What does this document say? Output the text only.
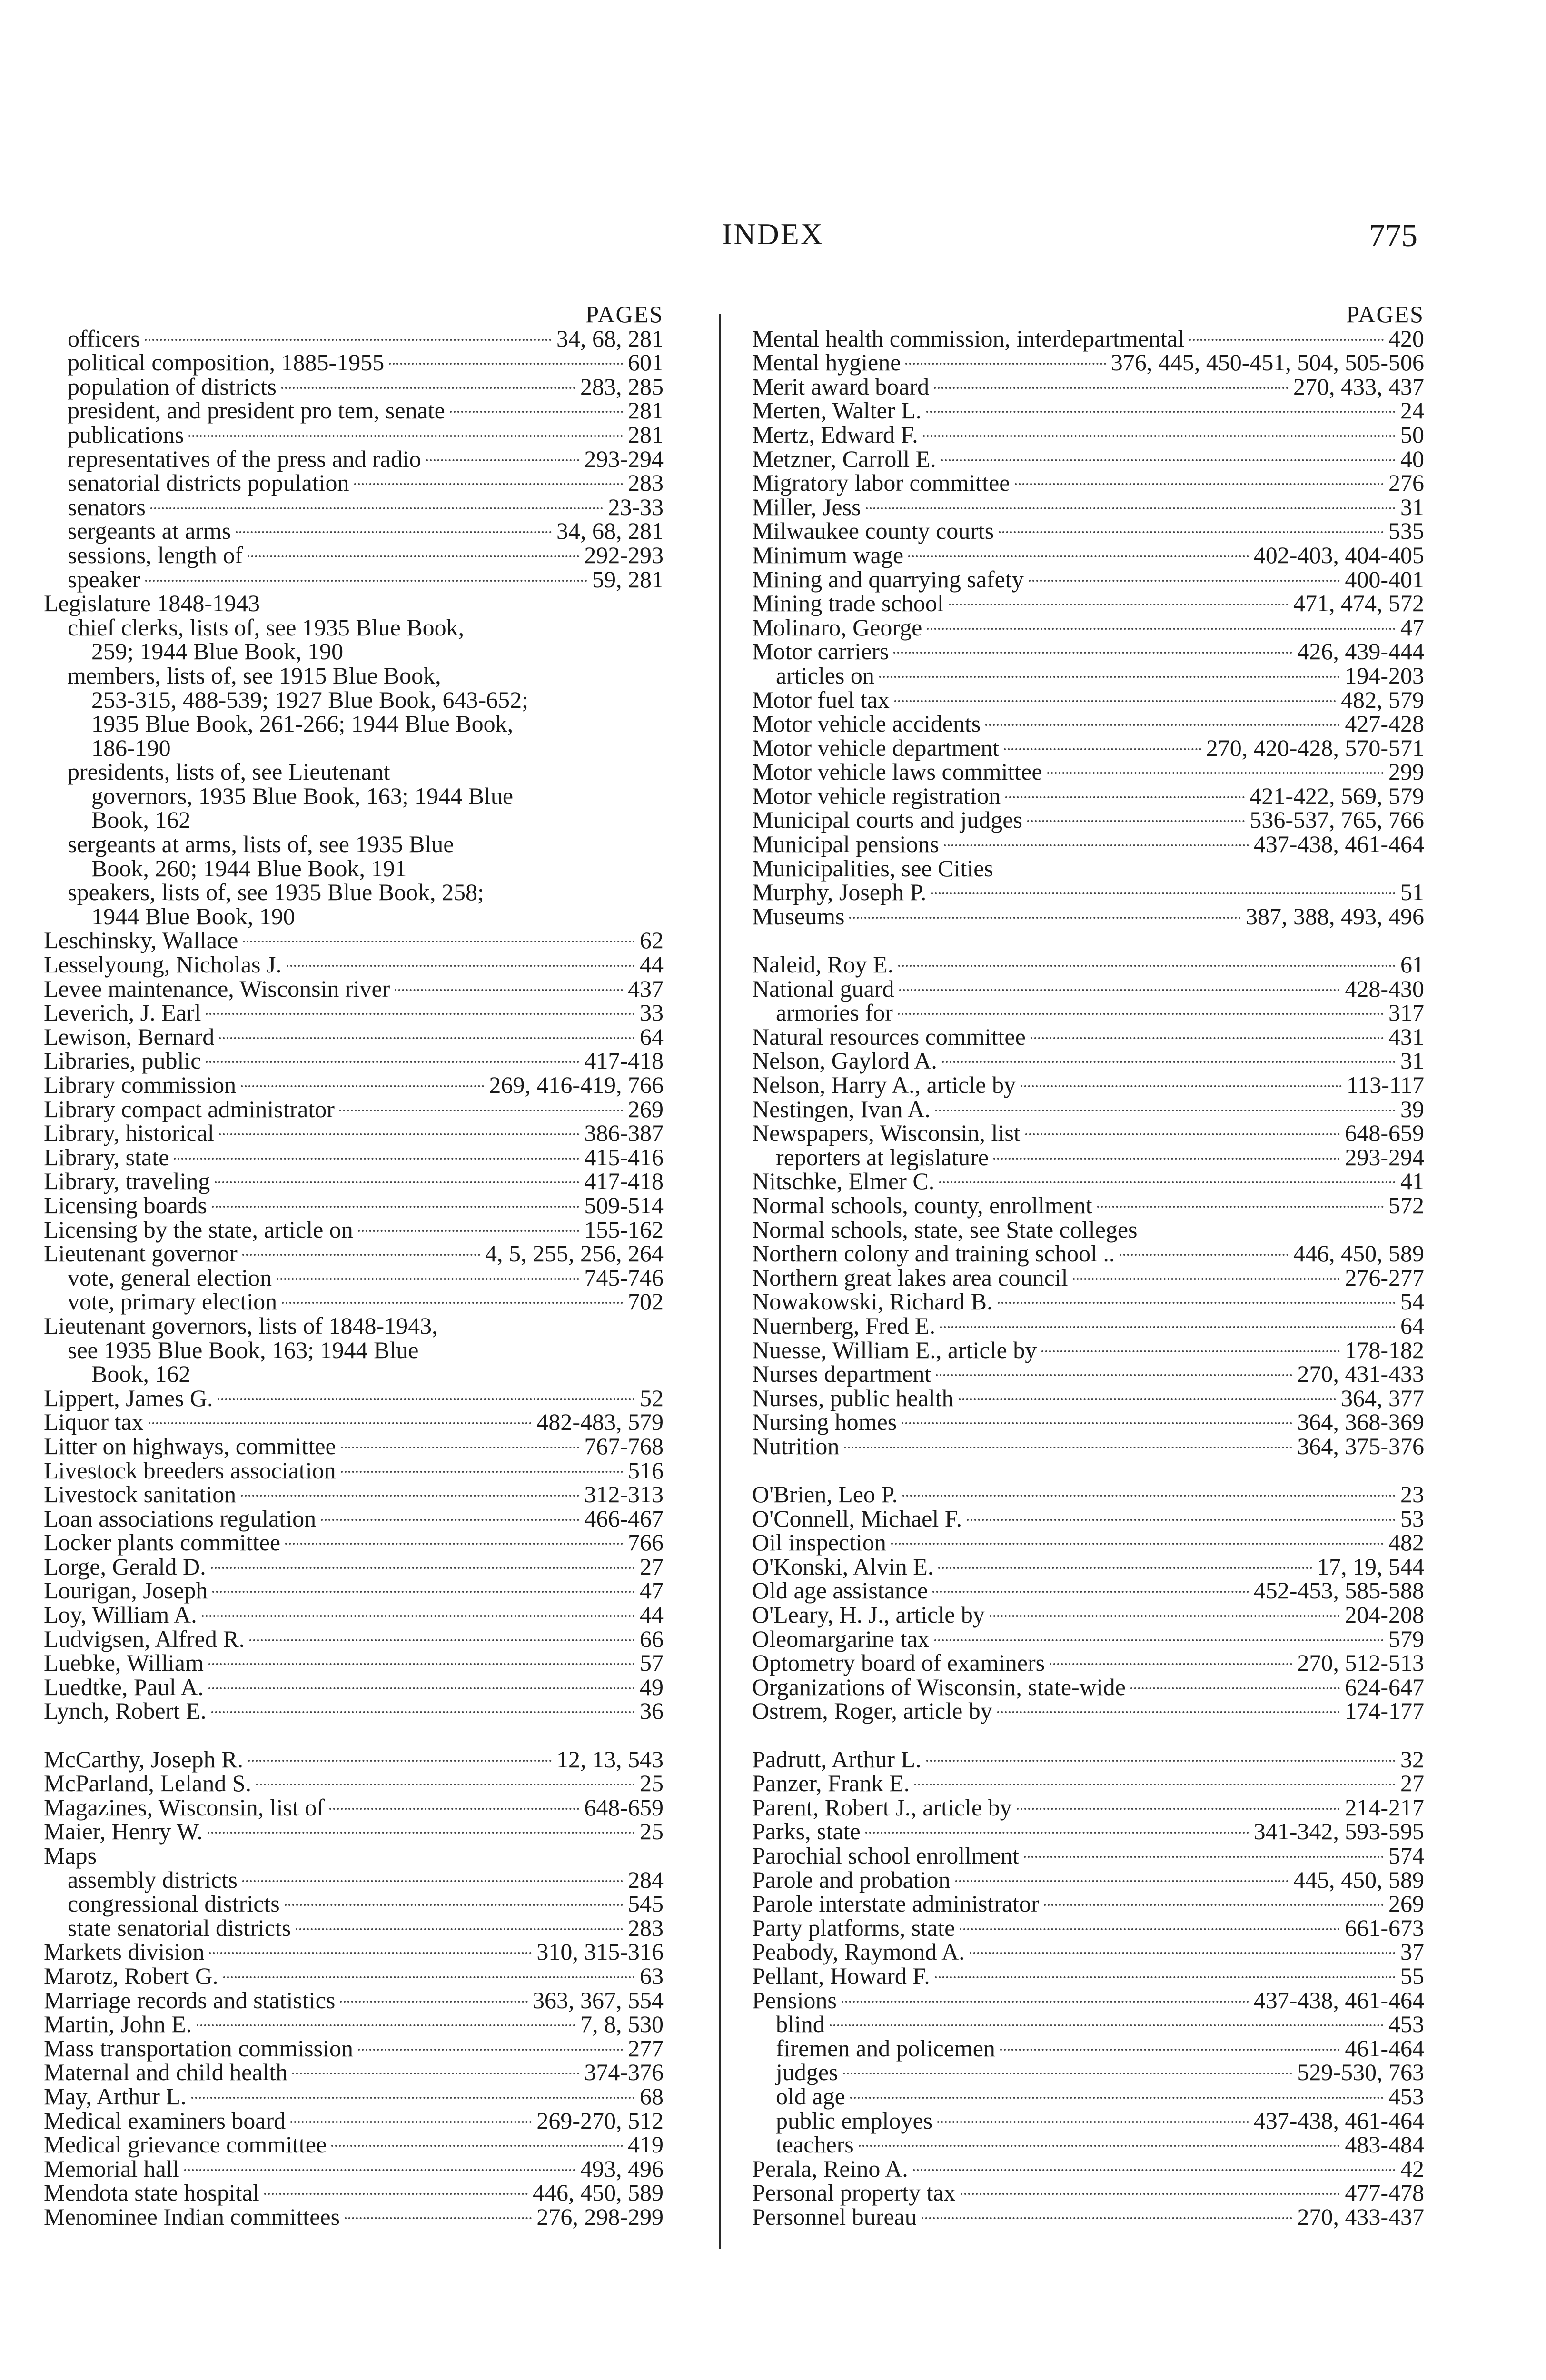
INDEX	775
PAGES
officers	34, 68, 281
political composition, 1885-1955	601
population of districts	283, 285
president, and president pro tem, senate	281
publications	281
representatives of the press and radio	293-294
senatorial districts population	283
senators	23-33
sergeants at arms	34, 68, 281
sessions, length of	292-293
speaker	59, 281
Legislature 1848-1943
chief clerks, lists of, see 1935 Blue Book,
259; 1944 Blue Book, 190
members, lists of, see 1915 Blue Book,
253-315, 488-539; 1927 Blue Book, 643-652;
1935 Blue Book, 261-266; 1944 Blue Book,
186-190
presidents, lists of, see Lieutenant
governors, 1935 Blue Book, 163; 1944 Blue
Book, 162
sergeants at arms, lists of, see 1935 Blue
Book, 260; 1944 Blue Book, 191
speakers, lists of, see 1935 Blue Book, 258;
1944 Blue Book, 190
Leschinsky, Wallace	62
Lesselyoung, Nicholas J.	44
Levee maintenance, Wisconsin river	437
Leverich, J. Earl	33
Lewison, Bernard	64
Libraries, public	417-418
Library commission	269, 416-419, 766
Library compact administrator	269
Library, historical	386-387
Library, state	415-416
Library, traveling	417-418
Licensing boards	509-514
Licensing by the state, article on	155-162
Lieutenant governor	4, 5, 255, 256, 264
vote, general election	745-746
vote, primary election	702
Lieutenant governors, lists of 1848-1943,
see 1935 Blue Book, 163; 1944 Blue
Book, 162
Lippert, James G.	52
Liquor tax	482-483, 579
Litter on highways, committee	767-768
Livestock breeders association	516
Livestock sanitation	312-313
Loan associations regulation	466-467
Locker plants committee	766
Lorge, Gerald D.	27
Lourigan, Joseph	47
Loy, William A.	44
Ludvigsen, Alfred R.	66
Luebke, William	57
Luedtke, Paul A.	49
Lynch, Robert E.	36
McCarthy, Joseph R.	12, 13, 543
McParland, Leland S.	25
Magazines, Wisconsin, list of	648-659
Maier, Henry W.	25
Maps
assembly districts	284
congressional districts	545
state senatorial districts	283
Markets division	310, 315-316
Marotz, Robert G.	63
Marriage records and statistics	363, 367, 554
Martin, John E.	7, 8, 530
Mass transportation commission	277
Maternal and child health	374-376
May, Arthur L.	68
Medical examiners board	269-270, 512
Medical grievance committee	419
Memorial hall	493, 496
Mendota state hospital	446, 450, 589
Menominee Indian committees	276, 298-299
PAGES
Mental health commission, interdepartmental	420
Mental hygiene	376, 445, 450-451, 504, 505-506
Merit award board	270, 433, 437
Merten, Walter L.	24
Mertz, Edward F.	50
Metzner, Carroll E.	40
Migratory labor committee	276
Miller, Jess	31
Milwaukee county courts	535
Minimum wage	402-403, 404-405
Mining and quarrying safety	400-401
Mining trade school	471, 474, 572
Molinaro, George	47
Motor carriers	426, 439-444
articles on	194-203
Motor fuel tax	482, 579
Motor vehicle accidents	427-428
Motor vehicle department	270, 420-428, 570-571
Motor vehicle laws committee	299
Motor vehicle registration	421-422, 569, 579
Municipal courts and judges	536-537, 765, 766
Municipal pensions	437-438, 461-464
Municipalities, see Cities
Murphy, Joseph P.	51
Museums	387, 388, 493, 496
Naleid, Roy E.	61
National guard	428-430
armories for	317
Natural resources committee	431
Nelson, Gaylord A.	31
Nelson, Harry A., article by	113-117
Nestingen, Ivan A.	39
Newspapers, Wisconsin, list	648-659
reporters at legislature	293-294
Nitschke, Elmer C.	41
Normal schools, county, enrollment	572
Normal schools, state, see State colleges
Northern colony and training school ..	446, 450, 589
Northern great lakes area council	276-277
Nowakowski, Richard B.	54
Nuernberg, Fred E.	64
Nuesse, William E., article by	178-182
Nurses department	270, 431-433
Nurses, public health	364, 377
Nursing homes	364, 368-369
Nutrition	364, 375-376
O'Brien, Leo P.	23
O'Connell, Michael F.	53
Oil inspection	482
O'Konski, Alvin E.	17, 19, 544
Old age assistance	452-453, 585-588
O'Leary, H. J., article by	204-208
Oleomargarine tax	579
Optometry board of examiners	270, 512-513
Organizations of Wisconsin, state-wide	624-647
Ostrem, Roger, article by	174-177
Padrutt, Arthur L.	32
Panzer, Frank E.	27
Parent, Robert J., article by	214-217
Parks, state	341-342, 593-595
Parochial school enrollment	574
Parole and probation	445, 450, 589
Parole interstate administrator	269
Party platforms, state	661-673
Peabody, Raymond A.	37
Pellant, Howard F.	55
Pensions	437-438, 461-464
blind	453
firemen and policemen	461-464
judges	529-530, 763
old age	453
public employes	437-438, 461-464
teachers	483-484
Perala, Reino A.	42
Personal property tax	477-478
Personnel bureau	270, 433-437
